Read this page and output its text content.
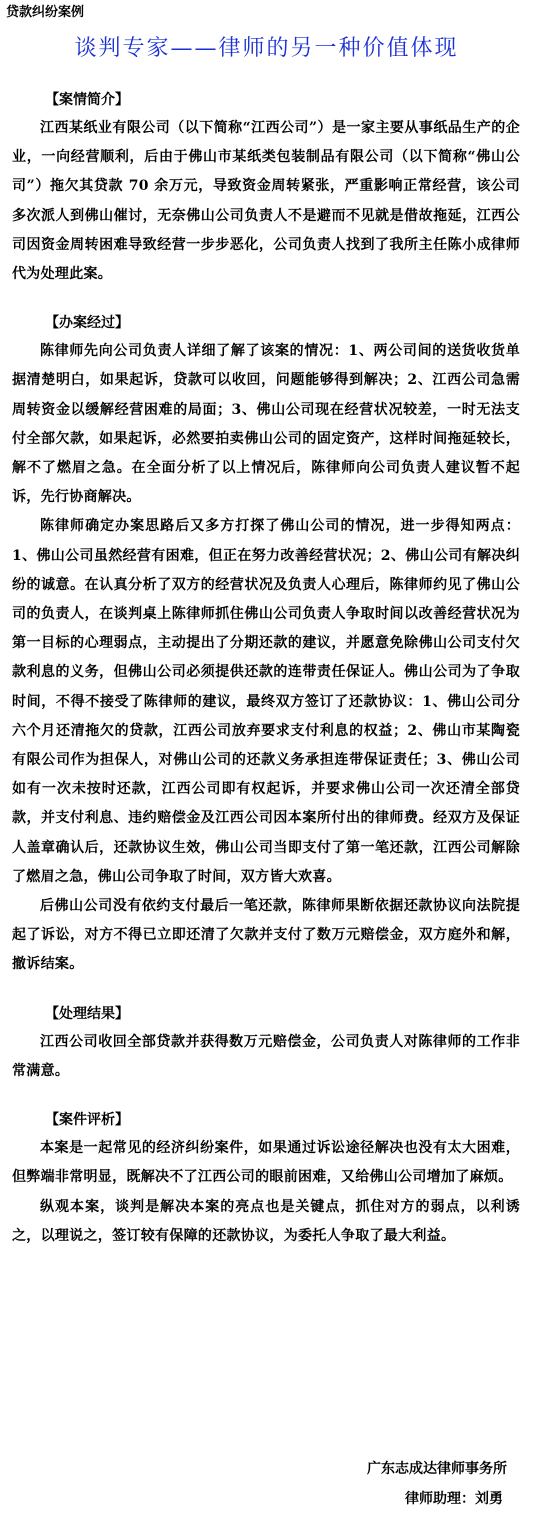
贷款纠纷案例
谈判专家——律师的另一种价值体现
【案情简介】

江西某纸业有限公司（以下简称“江西公司”）是一家主要从事纸品生产的企业，一向经营顺利，后由于佛山市某纸类包装制品有限公司（以下简称“佛山公司”）拖欠其贷款 70 余万元，导致资金周转紧张，严重影响正常经营，该公司多次派人到佛山催讨，无奈佛山公司负责人不是避而不见就是借故拖延，江西公司因资金周转困难导致经营一步步恶化，公司负责人找到了我所主任陈小成律师代为处理此案。

【办案经过】

陈律师先向公司负责人详细了解了该案的情况：1、两公司间的送货收货单据清楚明白，如果起诉，贷款可以收回，问题能够得到解决；2、江西公司急需周转资金以缓解经营困难的局面；3、佛山公司现在经营状况较差，一时无法支付全部欠款，如果起诉，必然要拍卖佛山公司的固定资产，这样时间拖延较长，解不了燃眉之急。在全面分析了以上情况后，陈律师向公司负责人建议暂不起诉，先行协商解决。

陈律师确定办案思路后又多方打探了佛山公司的情况，进一步得知两点：1、佛山公司虽然经营有困难，但正在努力改善经营状况；2、佛山公司有解决纠纷的诚意。在认真分析了双方的经营状况及负责人心理后，陈律师约见了佛山公司的负责人，在谈判桌上陈律师抓住佛山公司负责人争取时间以改善经营状况为第一目标的心理弱点，主动提出了分期还款的建议，并愿意免除佛山公司支付欠款利息的义务，但佛山公司必须提供还款的连带责任保证人。佛山公司为了争取时间，不得不接受了陈律师的建议，最终双方签订了还款协议：1、佛山公司分六个月还清拖欠的贷款，江西公司放弃要求支付利息的权益；2、佛山市某陶瓷有限公司作为担保人，对佛山公司的还款义务承担连带保证责任；3、佛山公司如有一次未按时还款，江西公司即有权起诉，并要求佛山公司一次还清全部贷款，并支付利息、违约赔偿金及江西公司因本案所付出的律师费。经双方及保证人盖章确认后，还款协议生效，佛山公司当即支付了第一笔还款，江西公司解除了燃眉之急，佛山公司争取了时间，双方皆大欢喜。

后佛山公司没有依约支付最后一笔还款，陈律师果断依据还款协议向法院提起了诉讼，对方不得已立即还清了欠款并支付了数万元赔偿金，双方庭外和解，撤诉结案。

【处理结果】

江西公司收回全部贷款并获得数万元赔偿金，公司负责人对陈律师的工作非常满意。

【案件评析】

本案是一起常见的经济纠纷案件，如果通过诉讼途径解决也没有太大困难，但弊端非常明显，既解决不了江西公司的眼前困难，又给佛山公司增加了麻烦。

纵观本案，谈判是解决本案的亮点也是关键点，抓住对方的弱点，以利诱之，以理说之，签订较有保障的还款协议，为委托人争取了最大利益。

广东志成达律师事务所
律师助理：刘勇
